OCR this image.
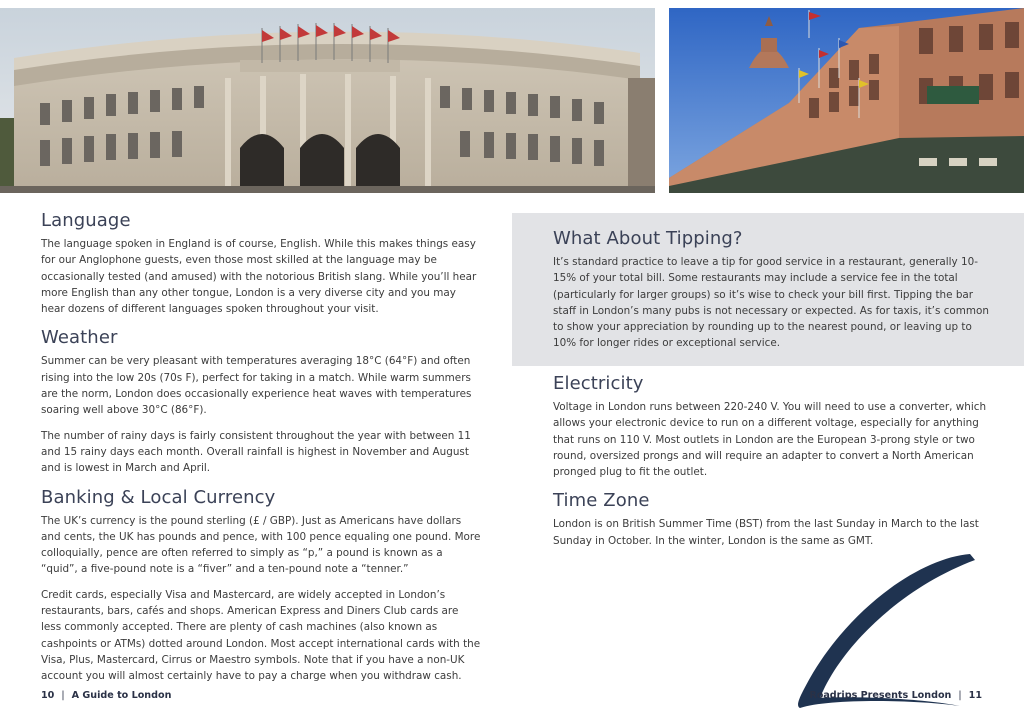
Language

The language spoken in England is of course, English. While this makes things easy for our Anglophone guests, even those most skilled at the language may be occasionally tested (and amused) with the notorious British slang. While you’ll hear more English than any other tongue, London is a very diverse city and you may hear dozens of different languages spoken throughout your visit.

Weather

Summer can be very pleasant with temperatures averaging 18°C (64°F) and often rising into the low 20s (70s F), perfect for taking in a match. While warm summers are the norm, London does occasionally experience heat waves with temperatures soaring well above 30°C (86°F).

The number of rainy days is fairly consistent throughout the year with between 11 and 15 rainy days each month. Overall rainfall is highest in November and August and is lowest in March and April.

Banking & Local Currency

The UK’s currency is the pound sterling (£ / GBP). Just as Americans have dollars and cents, the UK has pounds and pence, with 100 pence equaling one pound. More colloquially, pence are often referred to simply as “p,” a pound is known as a “quid”, a five-pound note is a “fiver” and a ten-pound note a “tenner.”

Credit cards, especially Visa and Mastercard, are widely accepted in London’s restaurants, bars, cafés and shops. American Express and Diners Club cards are less commonly accepted. There are plenty of cash machines (also known as cashpoints or ATMs) dotted around London. Most accept international cards with the Visa, Plus, Mastercard, Cirrus or Maestro symbols. Note that if you have a non-UK account you will almost certainly have to pay a charge when you withdraw cash.

What About Tipping?

It’s standard practice to leave a tip for good service in a restaurant, generally 10-15% of your total bill. Some restaurants may include a service fee in the total (particularly for larger groups) so it’s wise to check your bill first. Tipping the bar staff in London’s many pubs is not necessary or expected. As for taxis, it’s common to show your appreciation by rounding up to the nearest pound, or leaving up to 10% for longer rides or exceptional service.

Electricity

Voltage in London runs between 220-240 V. You will need to use a converter, which allows your electronic device to run on a different voltage, especially for anything that runs on 110 V. Most outlets in London are the European 3-prong style or two round, oversized prongs and will require an adapter to convert a North American pronged plug to fit the outlet.

Time Zone

London is on British Summer Time (BST) from the last Sunday in March to the last Sunday in October. In the winter, London is the same as GMT.

10 | A Guide to London	Roadrips Presents London | 11
